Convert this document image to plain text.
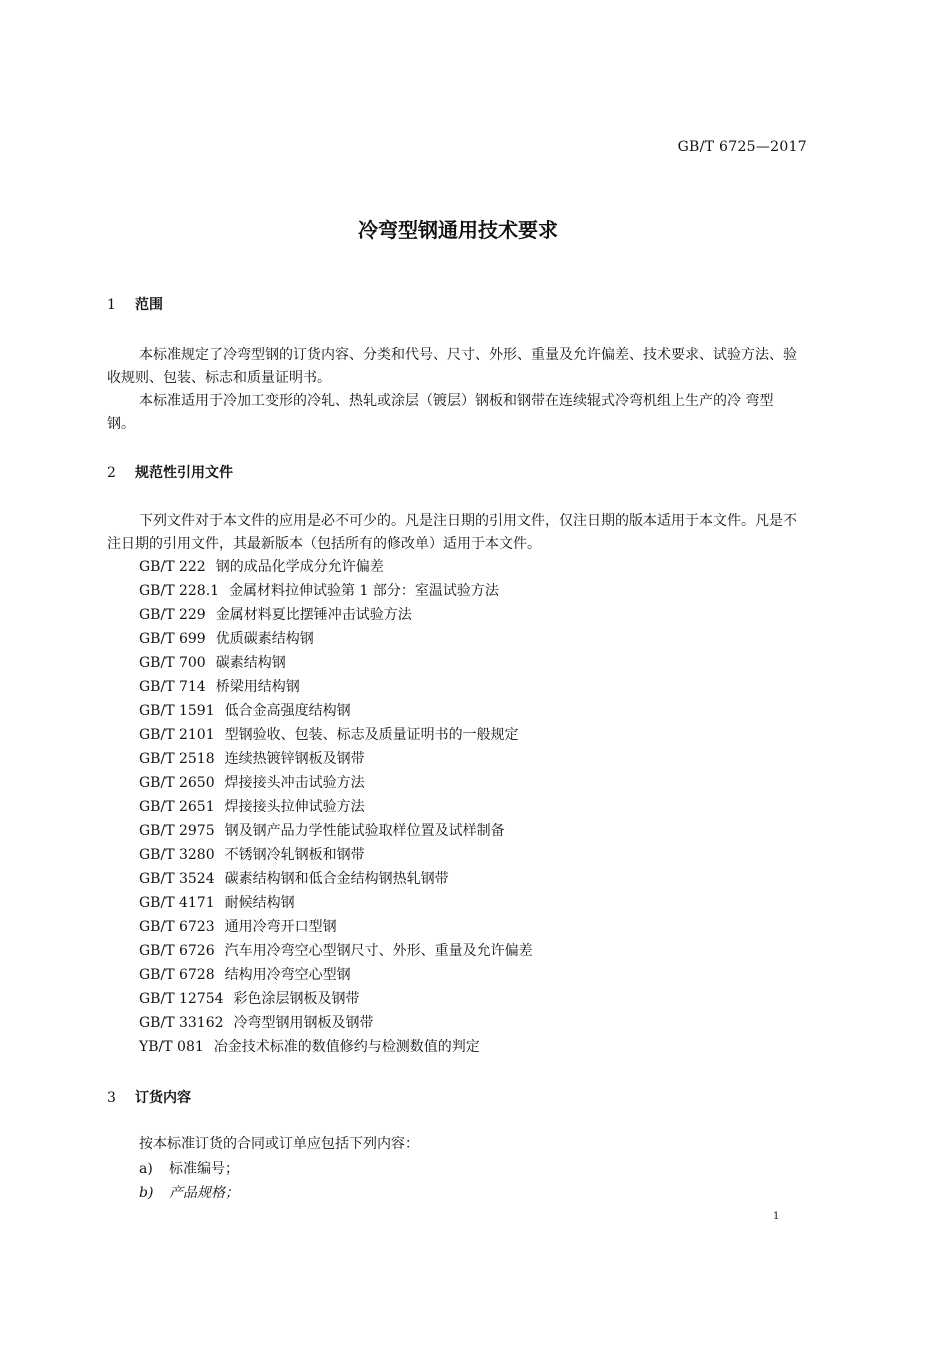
GB/T 6725—2017
冷弯型钢通用技术要求
1 范围
本标准规定了冷弯型钢的订货内容、分类和代号、尺寸、外形、重量及允许偏差、技术要求、试验方法、验收规则、包装、标志和质量证明书。
本标准适用于冷加工变形的冷轧、热轧或涂层（镀层）钢板和钢带在连续辊式冷弯机组上生产的冷 弯型钢。
2 规范性引用文件
下列文件对于本文件的应用是必不可少的。凡是注日期的引用文件，仅注日期的版本适用于本文件。凡是不注日期的引用文件，其最新版本（包括所有的修改单）适用于本文件。
GB/T 222 钢的成品化学成分允许偏差
GB/T 228.1 金属材料拉伸试验第 1 部分：室温试验方法
GB/T 229 金属材料夏比摆锤冲击试验方法
GB/T 699 优质碳素结构钢
GB/T 700 碳素结构钢
GB/T 714 桥梁用结构钢
GB/T 1591 低合金高强度结构钢
GB/T 2101 型钢验收、包装、标志及质量证明书的一般规定
GB/T 2518 连续热镀锌钢板及钢带
GB/T 2650 焊接接头冲击试验方法
GB/T 2651 焊接接头拉伸试验方法
GB/T 2975 钢及钢产品力学性能试验取样位置及试样制备
GB/T 3280 不锈钢冷轧钢板和钢带
GB/T 3524 碳素结构钢和低合金结构钢热轧钢带
GB/T 4171 耐候结构钢
GB/T 6723 通用冷弯开口型钢
GB/T 6726 汽车用冷弯空心型钢尺寸、外形、重量及允许偏差
GB/T 6728 结构用冷弯空心型钢
GB/T 12754 彩色涂层钢板及钢带
GB/T 33162 冷弯型钢用钢板及钢带
YB/T 081 冶金技术标准的数值修约与检测数值的判定
3 订货内容
按本标准订货的合同或订单应包括下列内容：
a) 标准编号；
b) 产品规格；
1
